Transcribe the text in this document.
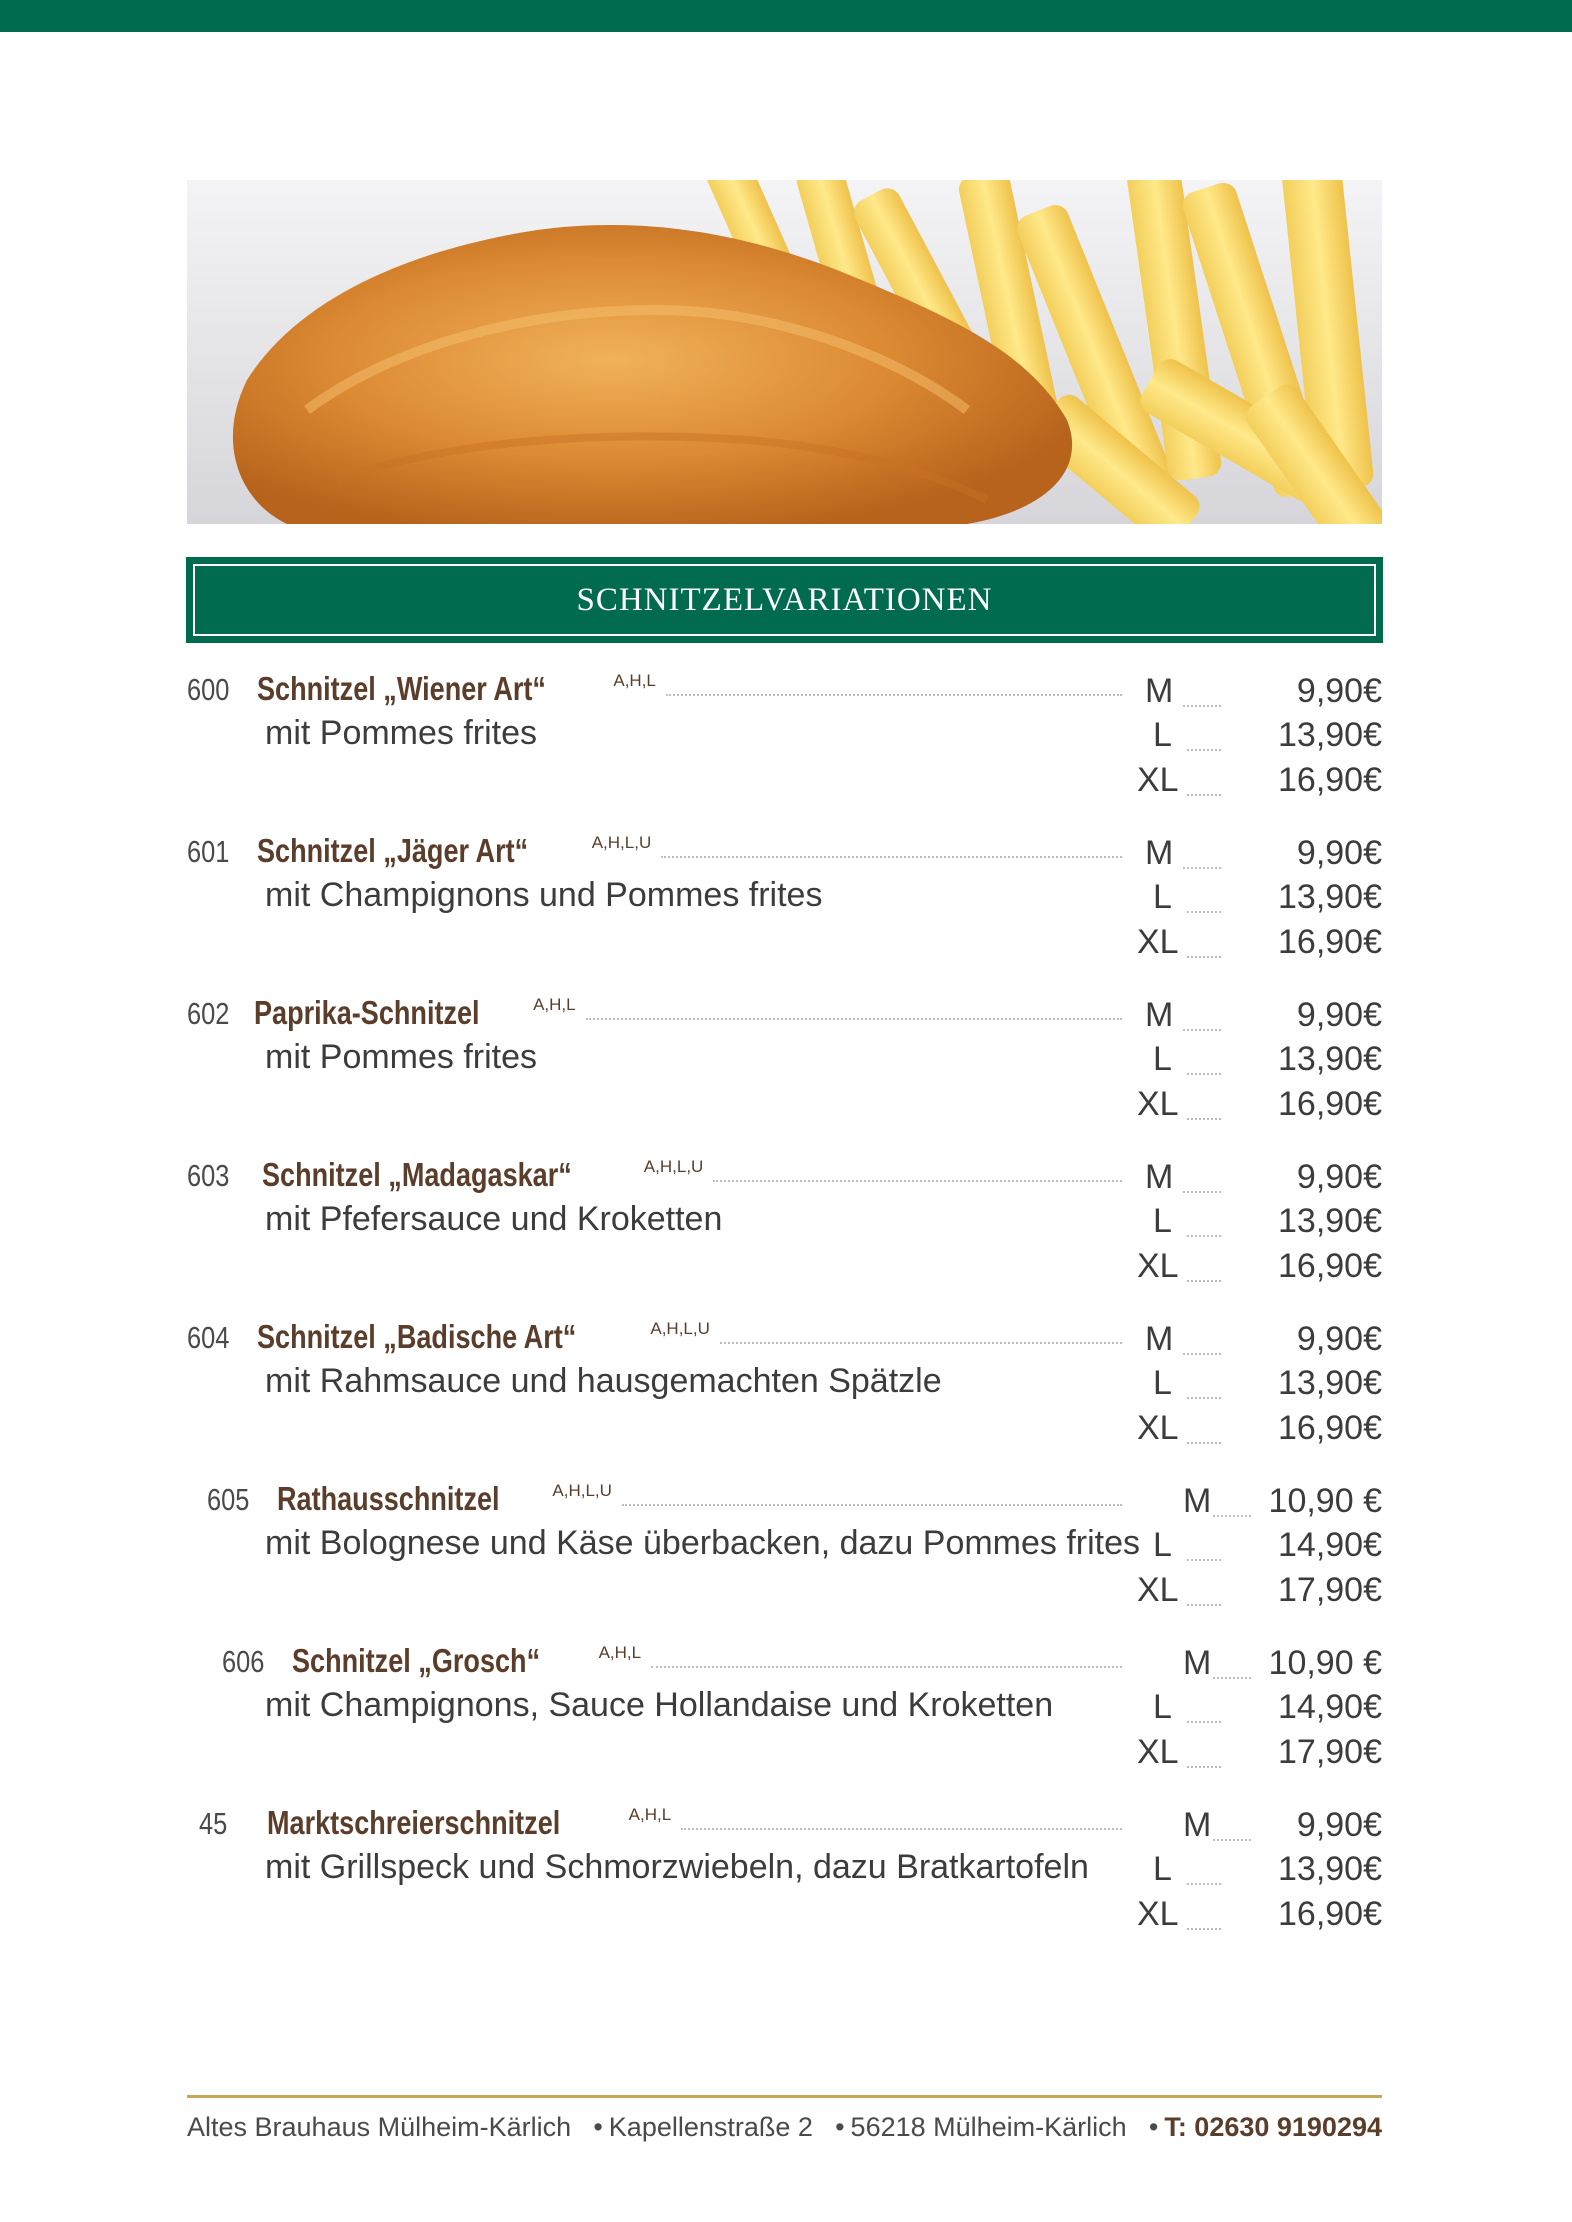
SCHNITZELVARIATIONEN
600 Schnitzel „Wiener Art“	A,H,L
mit Pommes frites
M	9,90€
L	13,90€
XL	16,90€
601 Schnitzel „Jäger Art“	A,H,L,U
mit Champignons und Pommes frites
M	9,90€
L	13,90€
XL	16,90€
602 Paprika-Schnitzel	A,H,L
mit Pommes frites
M	9,90€
L	13,90€
XL	16,90€
603 Schnitzel „Madagaskar“	A,H,L,U
mit Pfefersauce und Kroketten
M	9,90€
L	13,90€
XL	16,90€
604 Schnitzel „Badische Art“	A,H,L,U
mit Rahmsauce und hausgemachten Spätzle
M	9,90€
L	13,90€
XL	16,90€
605 Rathausschnitzel	A,H,L,U
mit Bolognese und Käse überbacken, dazu Pommes frites
M 10,90 €
L	14,90€
XL	17,90€
606 Schnitzel „Grosch“	A,H,L
mit Champignons, Sauce Hollandaise und Kroketten
M 10,90 €
L	14,90€
XL	17,90€
45	Marktschreierschnitzel	A,H,L
mit Grillspeck und Schmorzwiebeln, dazu Bratkartofeln
M	9,90€
L	13,90€
XL	16,90€
Altes Brauhaus Mülheim-Kärlich • Kapellenstraße 2 • 56218 Mülheim-Kärlich • T: 02630 9190294
